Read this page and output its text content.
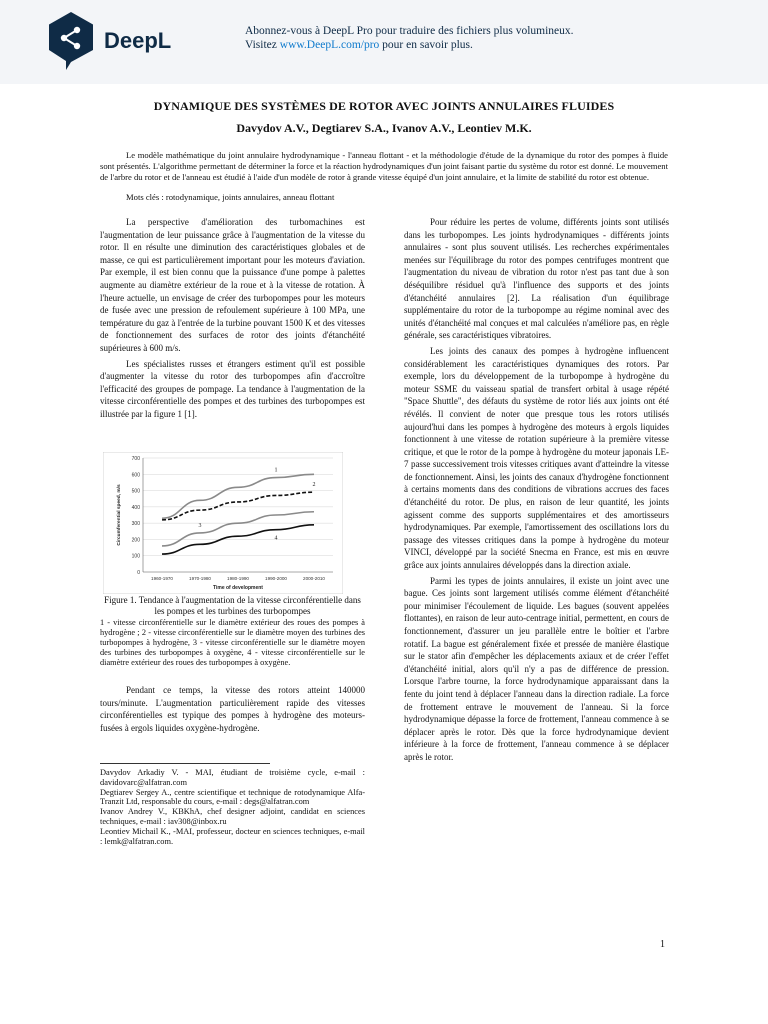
DeepL	Abonnez-vous à DeepL Pro pour traduire des fichiers plus volumineux.
Visitez www.DeepL.com/pro pour en savoir plus.
DYNAMIQUE DES SYSTÈMES DE ROTOR AVEC JOINTS ANNULAIRES FLUIDES
Davydov A.V., Degtiarev S.A., Ivanov A.V., Leontiev M.K.
Le modèle mathématique du joint annulaire hydrodynamique - l'anneau flottant - et la méthodologie d'étude de la dynamique du rotor des pompes à fluide sont présentés. L'algorithme permettant de déterminer la force et la réaction hydrodynamiques d'un joint faisant partie du système du rotor est donné. Le mouvement de l'arbre du rotor et de l'anneau est étudié à l'aide d'un modèle de rotor à grande vitesse équipé d'un joint annulaire, et la limite de stabilité du rotor est obtenue.
Mots clés : rotodynamique, joints annulaires, anneau flottant

La perspective d'amélioration des turbomachines est l'augmentation de leur puissance grâce à l'augmentation de la vitesse du rotor. Il en résulte une diminution des caractéristiques globales et de masse, ce qui est particulièrement important pour les moteurs d'aviation. Par exemple, il est bien connu que la puissance d'une pompe à palettes augmente au diamètre extérieur de la roue et à la vitesse de rotation. À l'heure actuelle, un envisage de créer des turbopompes pour les moteurs de fusée avec une pression de refoulement supérieure à 100 MPa, une température du gaz à l'entrée de la turbine pouvant 1500 K et des vitesses de fonctionnement des surfaces de rotor des joints d'étanchéité supérieures à 600 m/s.

Les spécialistes russes et étrangers estiment qu'il est possible d'augmenter la vitesse du rotor des turbopompes afin d'accroître l'efficacité des groupes de pompage. La tendance à l'augmentation de la vitesse circonférentielle des pompes et des turbines des turbopompes est illustrée par la figure 1 [1].

0
100
200
300
400
500
600
700
1960-1970	1970-1980	1980-1990	1990-2000	2000-2010
Time of development
Circumferential speed, m/s
1
2
3
4
Figure 1. Tendance à l'augmentation de la vitesse circonférentielle dans les pompes et les turbines des turbopompes
1 - vitesse circonférentielle sur le diamètre extérieur des roues des pompes à hydrogène ; 2 - vitesse circonférentielle sur le diamètre moyen des turbines des turbopompes à hydrogène, 3 - vitesse circonférentielle sur le diamètre moyen des turbines des turbopompes à oxygène, 4 - vitesse circonférentielle sur le diamètre extérieur des roues des turbopompes à oxygène.

Pendant ce temps, la vitesse des rotors atteint 140000 tours/minute. L'augmentation particulièrement rapide des vitesses circonférentielles est typique des pompes à hydrogène des moteurs-fusées à ergols liquides oxygène-hydrogène.

Davydov Arkadiy V. - MAI, étudiant de troisième cycle, e-mail : davidovarc@alfatran.com
Degtiarev Sergey A., centre scientifique et technique de rotodynamique Alfa-Tranzit Ltd, responsable du cours, e-mail : degs@alfatran.com
Ivanov Andrey V., KBKhA, chef designer adjoint, candidat en sciences techniques, e-mail : iav308@inbox.ru
Leontiev Michail K., -MAI, professeur, docteur en sciences techniques, e-mail : lemk@alfatran.com.

Pour réduire les pertes de volume, différents joints sont utilisés dans les turbopompes. Les joints hydrodynamiques - différents joints annulaires - sont plus souvent utilisés. Les recherches expérimentales menées sur l'équilibrage du rotor des pompes centrifuges montrent que l'augmentation du niveau de vibration du rotor n'est pas tant due à son déséquilibre résiduel qu'à l'influence des supports et des joints d'étanchéité annulaires [2]. La réalisation d'un équilibrage supplémentaire du rotor de la turbopompe au régime nominal avec des unités d'étanchéité mal conçues et mal calculées n'améliore pas, en règle générale, ses caractéristiques vibratoires.

Les joints des canaux des pompes à hydrogène influencent considérablement les caractéristiques dynamiques des rotors. Par exemple, lors du développement de la turbopompe à hydrogène du moteur SSME du vaisseau spatial de transfert orbital à usage répété "Space Shuttle", des défauts du système de rotor liés aux joints ont été révélés. Il convient de noter que presque tous les rotors utilisés aujourd'hui dans les pompes à hydrogène des moteurs à ergols liquides fonctionnent à une vitesse de rotation supérieure à la première vitesse critique, et que le rotor de la pompe à hydrogène du moteur japonais LE-7 passe successivement trois vitesses critiques avant d'atteindre la vitesse de fonctionnement. Ainsi, les joints des canaux d'hydrogène fonctionnent à certains moments dans des conditions de vibrations accrues des faces d'étanchéité du rotor. De plus, en raison de leur quantité, les joints agissent comme des supports supplémentaires et des amortisseurs hydrodynamiques. Par exemple, l'amortissement des oscillations lors du passage des vitesses critiques dans la pompe à hydrogène du moteur VINCI, développé par la société Snecma en France, est mis en œuvre grâce aux joints annulaires développés dans la direction axiale.

Parmi les types de joints annulaires, il existe un joint avec une bague. Ces joints sont largement utilisés comme élément d'étanchéité pour minimiser l'écoulement de liquide. Les bagues (souvent appelées flottantes), en raison de leur auto-centrage initial, permettent, en cours de fonctionnement, d'assurer un jeu parallèle entre le boîtier et l'arbre rotatif. La bague est généralement fixée et pressée de manière élastique sur le stator afin d'empêcher les déplacements axiaux et de créer l'effet d'étanchéité initial, alors qu'il n'y a pas de différence de pression. Lorsque l'arbre tourne, la force hydrodynamique apparaissant dans la fente du joint tend à déplacer l'anneau dans la direction radiale. La force de frottement entrave le mouvement de l'anneau. Si la force hydrodynamique dépasse la force de frottement, l'anneau commence à se déplacer après le rotor. Dès que la force hydrodynamique devient inférieure à la force de frottement, l'anneau commence à se déplacer après le rotor.

1
